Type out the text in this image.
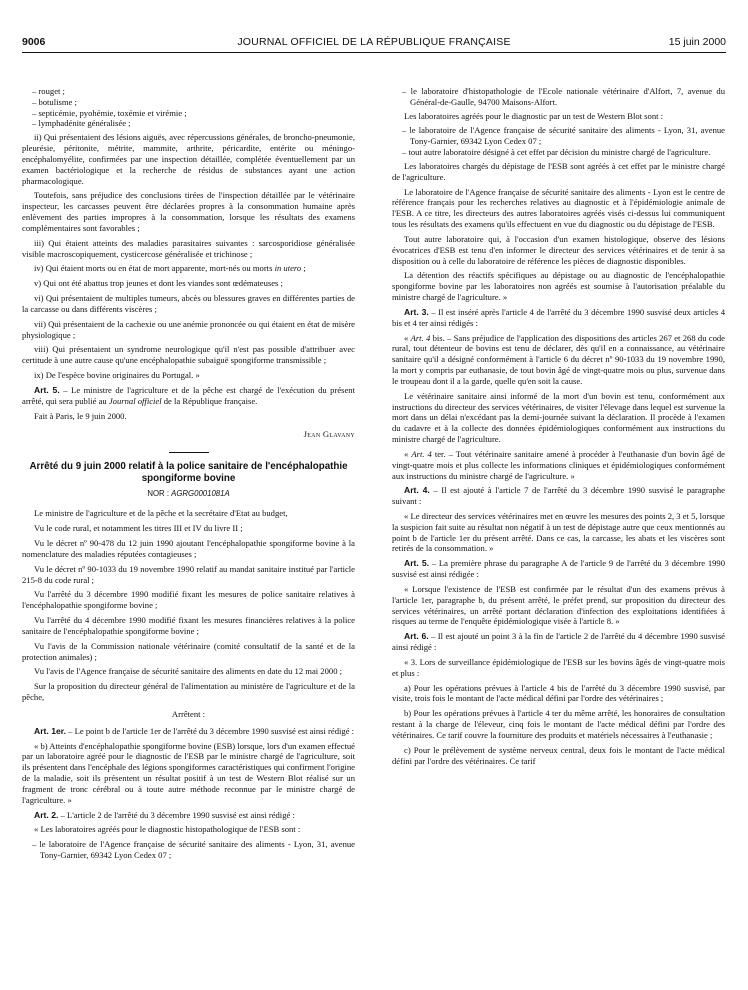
9006	JOURNAL OFFICIEL DE LA RÉPUBLIQUE FRANÇAISE	15 juin 2000
– rouget ;
– botulisme ;
– septicémie, pyohémie, toxémie et virémie ;
– lymphadénite généralisée ;

ii) Qui présentaient des lésions aiguës, avec répercussions générales, de broncho-pneumonie, pleurésie, péritonite, métrite, mammite, arthrite, péricardite, entérite ou méningo-encéphalomyélite, confirmées par une inspection détaillée, complétée éventuellement par un examen bactériologique et la recherche de résidus de substances ayant une action pharmacologique.

Toutefois, sans préjudice des conclusions tirées de l'inspection détaillée par le vétérinaire inspecteur, les carcasses peuvent être déclarées propres à la consommation humaine après enlèvement des parties impropres à la consommation, lorsque les résultats des examens complémentaires sont favorables ;

iii) Qui étaient atteints des maladies parasitaires suivantes : sarcosporidiose généralisée visible macroscopiquement, cysticercose généralisée et trichinose ;

iv) Qui étaient morts ou en état de mort apparente, mort-nés ou morts in utero ;

v) Qui ont été abattus trop jeunes et dont les viandes sont œdémateuses ;

vi) Qui présentaient de multiples tumeurs, abcès ou blessures graves en différentes parties de la carcasse ou dans différents viscères ;

vii) Qui présentaient de la cachexie ou une anémie prononcée ou qui étaient en état de misère physiologique ;

viii) Qui présentaient un syndrome neurologique qu'il n'est pas possible d'attribuer avec certitude à une autre cause qu'une encéphalopathie subaiguë spongiforme transmissible ;

ix) De l'espèce bovine originaires du Portugal. »

Art. 5. – Le ministre de l'agriculture et de la pêche est chargé de l'exécution du présent arrêté, qui sera publié au Journal officiel de la République française.

Fait à Paris, le 9 juin 2000.

Jean Glavany
Arrêté du 9 juin 2000 relatif à la police sanitaire de l'encéphalopathie spongiforme bovine
NOR : AGRG0001081A

Le ministre de l'agriculture et de la pêche et la secrétaire d'Etat au budget,

Vu le code rural, et notamment les titres III et IV du livre II ;

Vu le décret nº 90-478 du 12 juin 1990 ajoutant l'encéphalopathie spongiforme bovine à la nomenclature des maladies réputées contagieuses ;

Vu le décret nº 90-1033 du 19 novembre 1990 relatif au mandat sanitaire institué par l'article 215-8 du code rural ;

Vu l'arrêté du 3 décembre 1990 modifié fixant les mesures de police sanitaire relatives à l'encéphalopathie spongiforme bovine ;

Vu l'arrêté du 4 décembre 1990 modifié fixant les mesures financières relatives à la police sanitaire de l'encéphalopathie spongiforme bovine ;

Vu l'avis de la Commission nationale vétérinaire (comité consultatif de la santé et de la protection animales) ;

Vu l'avis de l'Agence française de sécurité sanitaire des aliments en date du 12 mai 2000 ;

Sur la proposition du directeur général de l'alimentation au ministère de l'agriculture et de la pêche,

Arrêtent :

Art. 1er. – Le point b de l'article 1er de l'arrêté du 3 décembre 1990 susvisé est ainsi rédigé :

« b) Atteints d'encéphalopathie spongiforme bovine (ESB) lorsque, lors d'un examen effectué par un laboratoire agréé pour le diagnostic de l'ESB par le ministre chargé de l'agriculture, soit ils présentent dans l'encéphale des légions spongiformes caractéristiques qui confirment l'origine de la maladie, soit ils présentent un résultat positif à un test de Western Blot réalisé sur un fragment de tronc cérébral ou à toute autre méthode reconnue par le ministre chargé de l'agriculture. »

Art. 2. – L'article 2 de l'arrêté du 3 décembre 1990 susvisé est ainsi rédigé :

« Les laboratoires agréés pour le diagnostic histopathologique de l'ESB sont :

– le laboratoire de l'Agence française de sécurité sanitaire des aliments - Lyon, 31, avenue Tony-Garnier, 69342 Lyon Cedex 07 ;
– le laboratoire d'histopathologie de l'Ecole nationale vétérinaire d'Alfort, 7, avenue du Général-de-Gaulle, 94700 Maisons-Alfort.

Les laboratoires agréés pour le diagnostic par un test de Western Blot sont :

– le laboratoire de l'Agence française de sécurité sanitaire des aliments - Lyon, 31, avenue Tony-Garnier, 69342 Lyon Cedex 07 ;
– tout autre laboratoire désigné à cet effet par décision du ministre chargé de l'agriculture.

Les laboratoires chargés du dépistage de l'ESB sont agréés à cet effet par le ministre chargé de l'agriculture.

Le laboratoire de l'Agence française de sécurité sanitaire des aliments - Lyon est le centre de référence français pour les recherches relatives au diagnostic et à l'épidémiologie animale de l'ESB. A ce titre, les directeurs des autres laboratoires agréés visés ci-dessus lui communiquent tous les résultats des examens qu'ils effectuent en vue du diagnostic ou du dépistage de l'ESB.

Tout autre laboratoire qui, à l'occasion d'un examen histologique, observe des lésions évocatrices d'ESB est tenu d'en informer le directeur des services vétérinaires et de tenir à sa disposition ou à celle du laboratoire de référence les pièces de diagnostic disponibles.

La détention des réactifs spécifiques au dépistage ou au diagnostic de l'encéphalopathie spongiforme bovine par les laboratoires non agréés est soumise à l'autorisation préalable du ministre chargé de l'agriculture. »

Art. 3. – Il est inséré après l'article 4 de l'arrêté du 3 décembre 1990 susvisé deux articles 4 bis et 4 ter ainsi rédigés :

« Art. 4 bis. – Sans préjudice de l'application des dispositions des articles 267 et 268 du code rural, tout détenteur de bovins est tenu de déclarer, dès qu'il en a connaissance, au vétérinaire sanitaire qu'il a désigné conformément à l'article 6 du décret nº 90-1033 du 19 novembre 1990, la mort y compris par euthanasie, de tout bovin âgé de vingt-quatre mois ou plus, survenue dans le troupeau dont il a la garde, quelle qu'en soit la cause.

Le vétérinaire sanitaire ainsi informé de la mort d'un bovin est tenu, conformément aux instructions du directeur des services vétérinaires, de visiter l'élevage dans lequel est survenue la mort dans un délai n'excédant pas la demi-journée suivant la déclaration. Il procède à l'examen du cadavre et à la collecte des données épidémiologiques conformément aux instructions du ministre chargé de l'agriculture.

« Art. 4 ter. – Tout vétérinaire sanitaire amené à procéder à l'euthanasie d'un bovin âgé de vingt-quatre mois et plus collecte les informations cliniques et épidémiologiques conformément aux instructions du ministre chargé de l'agriculture. »

Art. 4. – Il est ajouté à l'article 7 de l'arrêté du 3 décembre 1990 susvisé le paragraphe suivant :

« Le directeur des services vétérinaires met en œuvre les mesures des points 2, 3 et 5, lorsque la suspicion fait suite au résultat non négatif à un test de dépistage autre que ceux mentionnés au point b de l'article 1er du présent arrêté. Dans ce cas, la carcasse, les abats et les viscères sont retirés de la consommation. »

Art. 5. – La première phrase du paragraphe A de l'article 9 de l'arrêté du 3 décembre 1990 susvisé est ainsi rédigée :

« Lorsque l'existence de l'ESB est confirmée par le résultat d'un des examens prévus à l'article 1er, paragraphe b, du présent arrêté, le préfet prend, sur proposition du directeur des services vétérinaires, un arrêté portant déclaration d'infection des exploitations identifiées à risques au terme de l'enquête épidémiologique visée à l'article 8. »

Art. 6. – Il est ajouté un point 3 à la fin de l'article 2 de l'arrêté du 4 décembre 1990 susvisé ainsi rédigé :

« 3. Lors de surveillance épidémiologique de l'ESB sur les bovins âgés de vingt-quatre mois et plus :

a) Pour les opérations prévues à l'article 4 bis de l'arrêté du 3 décembre 1990 susvisé, par visite, trois fois le montant de l'acte médical défini par l'ordre des vétérinaires ;

b) Pour les opérations prévues à l'article 4 ter du même arrêté, les honoraires de consultation restant à la charge de l'éleveur, cinq fois le montant de l'acte médical défini par l'ordre des vétérinaires. Ce tarif couvre la fourniture des produits et matériels nécessaires à l'euthanasie ;

c) Pour le prélèvement de système nerveux central, deux fois le montant de l'acte médical défini par l'ordre des vétérinaires. Ce tarif
